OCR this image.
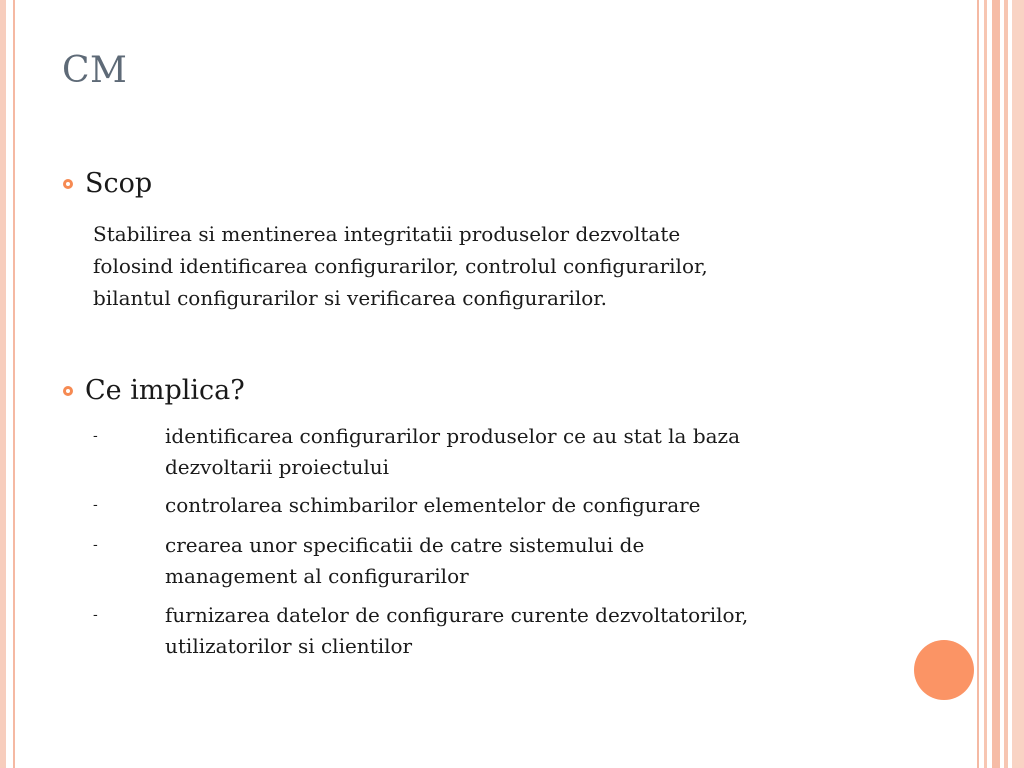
CM
Scop
Stabilirea si mentinerea integritatii produselor dezvoltate
folosind identificarea configurarilor, controlul configurarilor,
bilantul configurarilor si verificarea configurarilor.
Ce implica?
-	identificarea configurarilor produselor ce au stat la baza
dezvoltarii proiectului
-	controlarea schimbarilor elementelor de configurare
-	crearea unor specificatii de catre sistemului de
management al configurarilor
-	furnizarea datelor de configurare curente dezvoltatorilor,
utilizatorilor si clientilor
